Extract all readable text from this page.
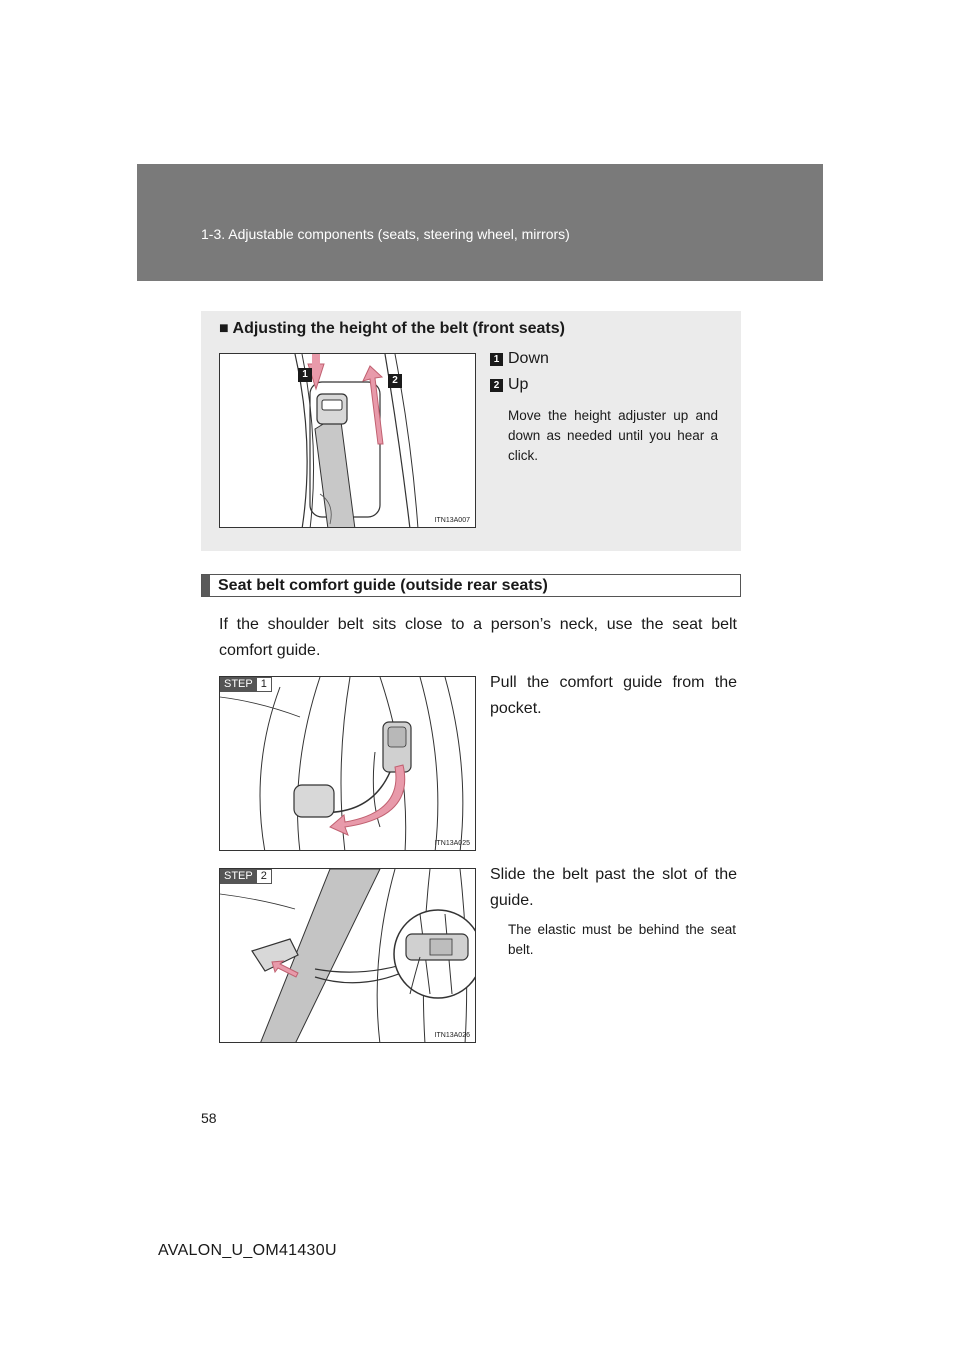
1-3. Adjustable components (seats, steering wheel, mirrors)
■ Adjusting the height of the belt (front seats)
1
2
ITN13A007
1 Down
2 Up
Move the height adjuster up and down as needed until you hear a click.
Seat belt comfort guide (outside rear seats)
If the shoulder belt sits close to a person’s neck, use the seat belt comfort guide.
STEP 1
ITN13A025
Pull the comfort guide from the pocket.
STEP 2
ITN13A026
Slide the belt past the slot of the guide.
The elastic must be behind the seat belt.
58
AVALON_U_OM41430U
